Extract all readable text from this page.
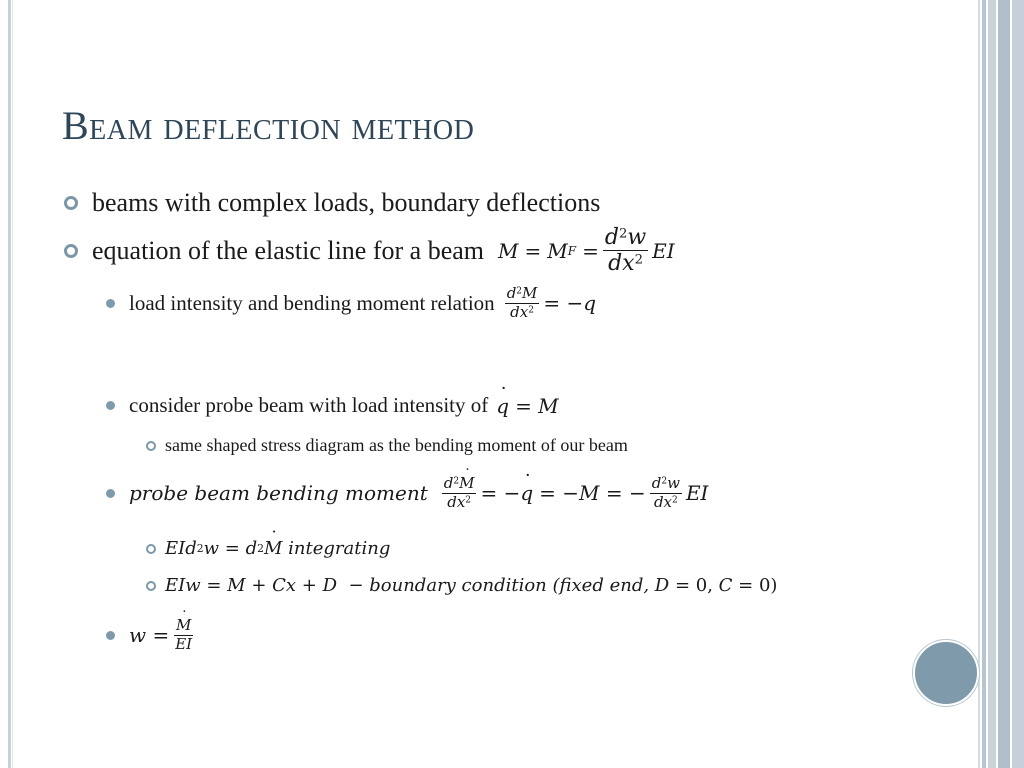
Beam deflection method
beams with complex loads, boundary deflections
equation of the elastic line for a beam M = M $F = \frac{d^2w}{dx^2}$ EI
load intensity and bending moment relation $\frac{d^2M}{dx^2} = -q$
consider probe beam with load intensity of q ˙ = M
same shaped stress diagram as the bending moment of our beam
probe beam bending moment $\frac{d^2M ˙}{dx^2}$ = − q ˙ = −M = − $\frac{d^2w}{dx^2}$ EI
EId 2 w = d 2 M ˙ integrating
EIw = M + Cx + D  − boundary condition ( fixed end, D = 0, C = 0)
$w = \frac{M ˙}{EI}$
